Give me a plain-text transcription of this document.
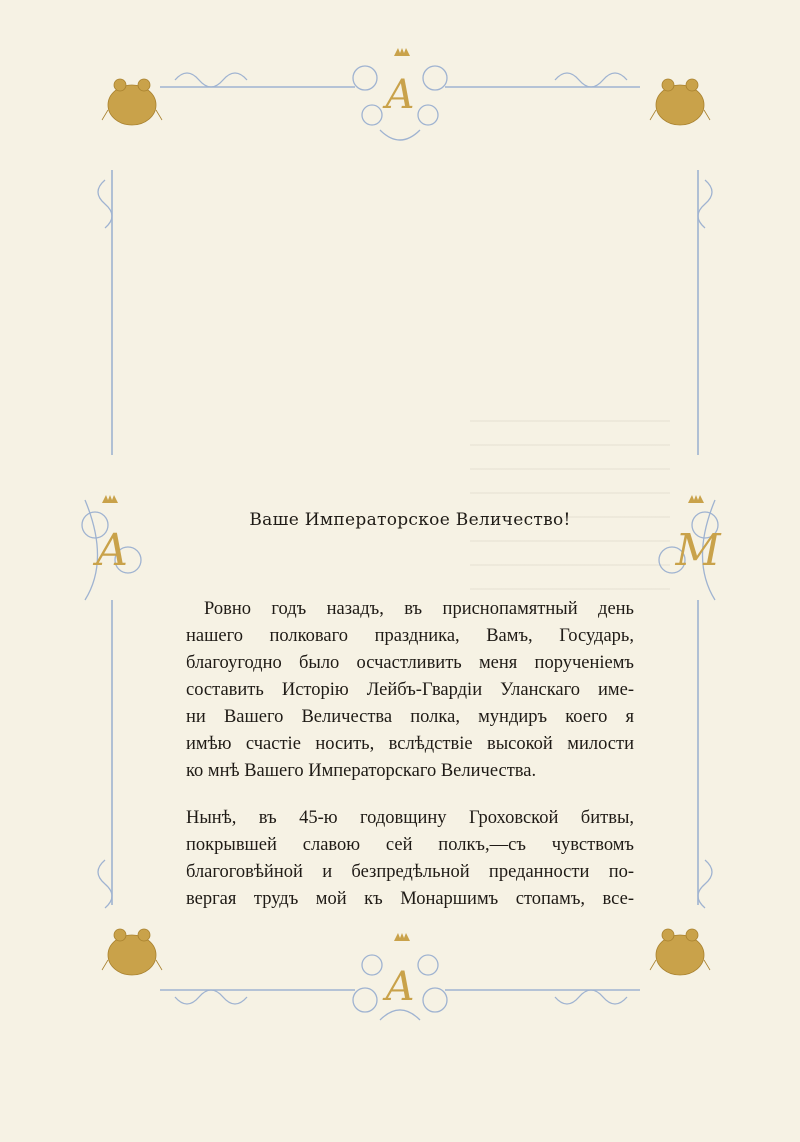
А
А
А	М
Ваше Императорское Величество!

Ровно годъ назадъ, въ приснопамятный день
нашего полковаго праздника, Вамъ, Государь,
благоугодно было осчастливить меня порученіемъ
составить Исторію Лейбъ-Гвардіи Уланскаго име-
ни Вашего Величества полка, мундиръ коего я
имѣю счастіе носить, вслѣдствіе высокой милости
ко мнѣ Вашего Императорскаго Величества.

Нынѣ, въ 45-ю годовщину Гроховской битвы,
покрывшей славою сей полкъ,—съ чувствомъ
благоговѣйной и безпредѣльной преданности по-
вергая трудъ мой къ Монаршимъ стопамъ, все-
